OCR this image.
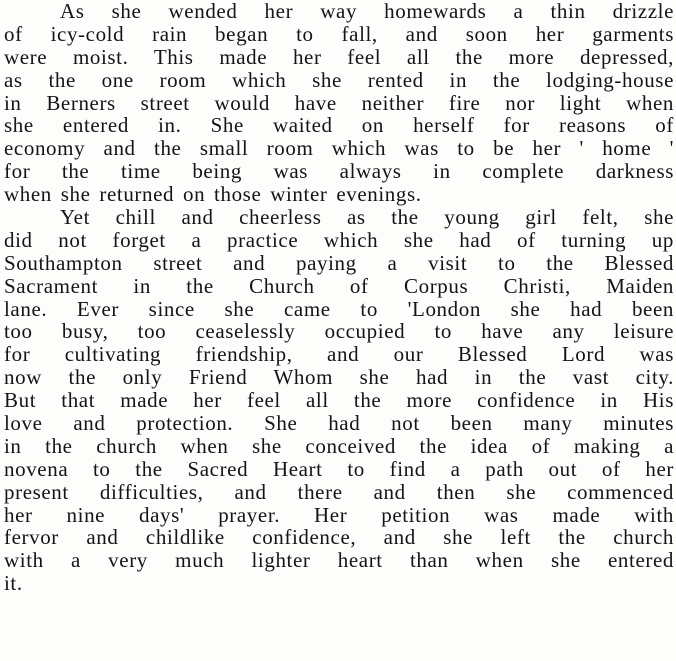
As she wended her way homewards a thin drizzle
of icy-cold rain began to fall, and soon her garments
were moist. This made her feel all the more depressed,
as the one room which she rented in the lodging-house
in Berners street would have neither fire nor light when
she entered in. She waited on herself for reasons of
economy and the small room which was to be her ' home '
for the time being was always in complete darkness
when she returned on those winter evenings.
Yet chill and cheerless as the young girl felt, she
did not forget a practice which she had of turning up
Southampton street and paying a visit to the Blessed
Sacrament in the Church of Corpus Christi, Maiden
lane. Ever since she came to 'London she had been
too busy, too ceaselessly occupied to have any leisure
for cultivating friendship, and our Blessed Lord was
now the only Friend Whom she had in the vast city.
But that made her feel all the more confidence in His
love and protection. She had not been many minutes
in the church when she conceived the idea of making a
novena to the Sacred Heart to find a path out of her
present difficulties, and there and then she commenced
her nine days' prayer. Her petition was made with
fervor and childlike confidence, and she left the church
with a very much lighter heart than when she entered
it.
